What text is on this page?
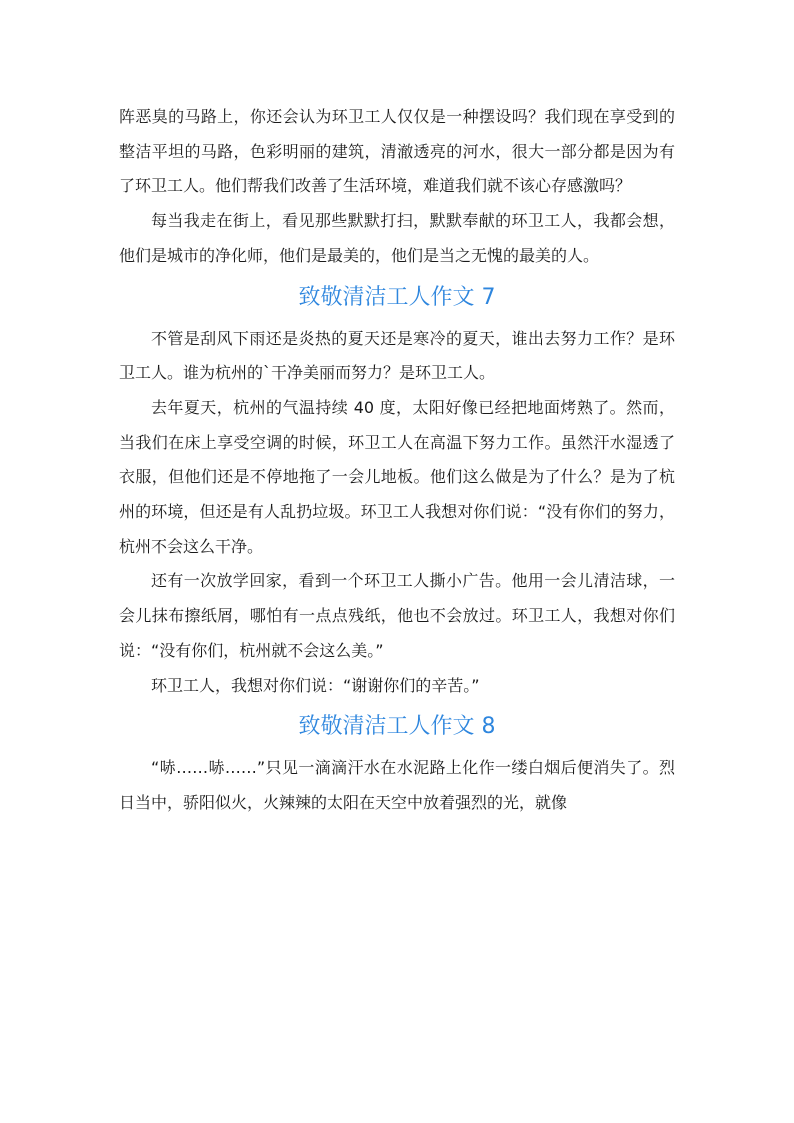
阵恶臭的马路上，你还会认为环卫工人仅仅是一种摆设吗？我们现在享受到的整洁平坦的马路，色彩明丽的建筑，清澈透亮的河水，很大一部分都是因为有了环卫工人。他们帮我们改善了生活环境，难道我们就不该心存感激吗？

每当我走在街上，看见那些默默打扫，默默奉献的环卫工人，我都会想，他们是城市的净化师，他们是最美的，他们是当之无愧的最美的人。

致敬清洁工人作文 7

不管是刮风下雨还是炎热的夏天还是寒冷的夏天，谁出去努力工作？是环卫工人。谁为杭州的`干净美丽而努力？是环卫工人。

去年夏天，杭州的气温持续 40 度，太阳好像已经把地面烤熟了。然而，当我们在床上享受空调的时候，环卫工人在高温下努力工作。虽然汗水湿透了衣服，但他们还是不停地拖了一会儿地板。他们这么做是为了什么？是为了杭州的环境，但还是有人乱扔垃圾。环卫工人我想对你们说：“没有你们的努力，杭州不会这么干净。

还有一次放学回家，看到一个环卫工人撕小广告。他用一会儿清洁球，一会儿抹布擦纸屑，哪怕有一点点残纸，他也不会放过。环卫工人，我想对你们说：“没有你们，杭州就不会这么美。”

环卫工人，我想对你们说：“谢谢你们的辛苦。”

致敬清洁工人作文 8

“哧……哧……”只见一滴滴汗水在水泥路上化作一缕白烟后便消失了。烈日当中，骄阳似火，火辣辣的太阳在天空中放着强烈的光，就像
